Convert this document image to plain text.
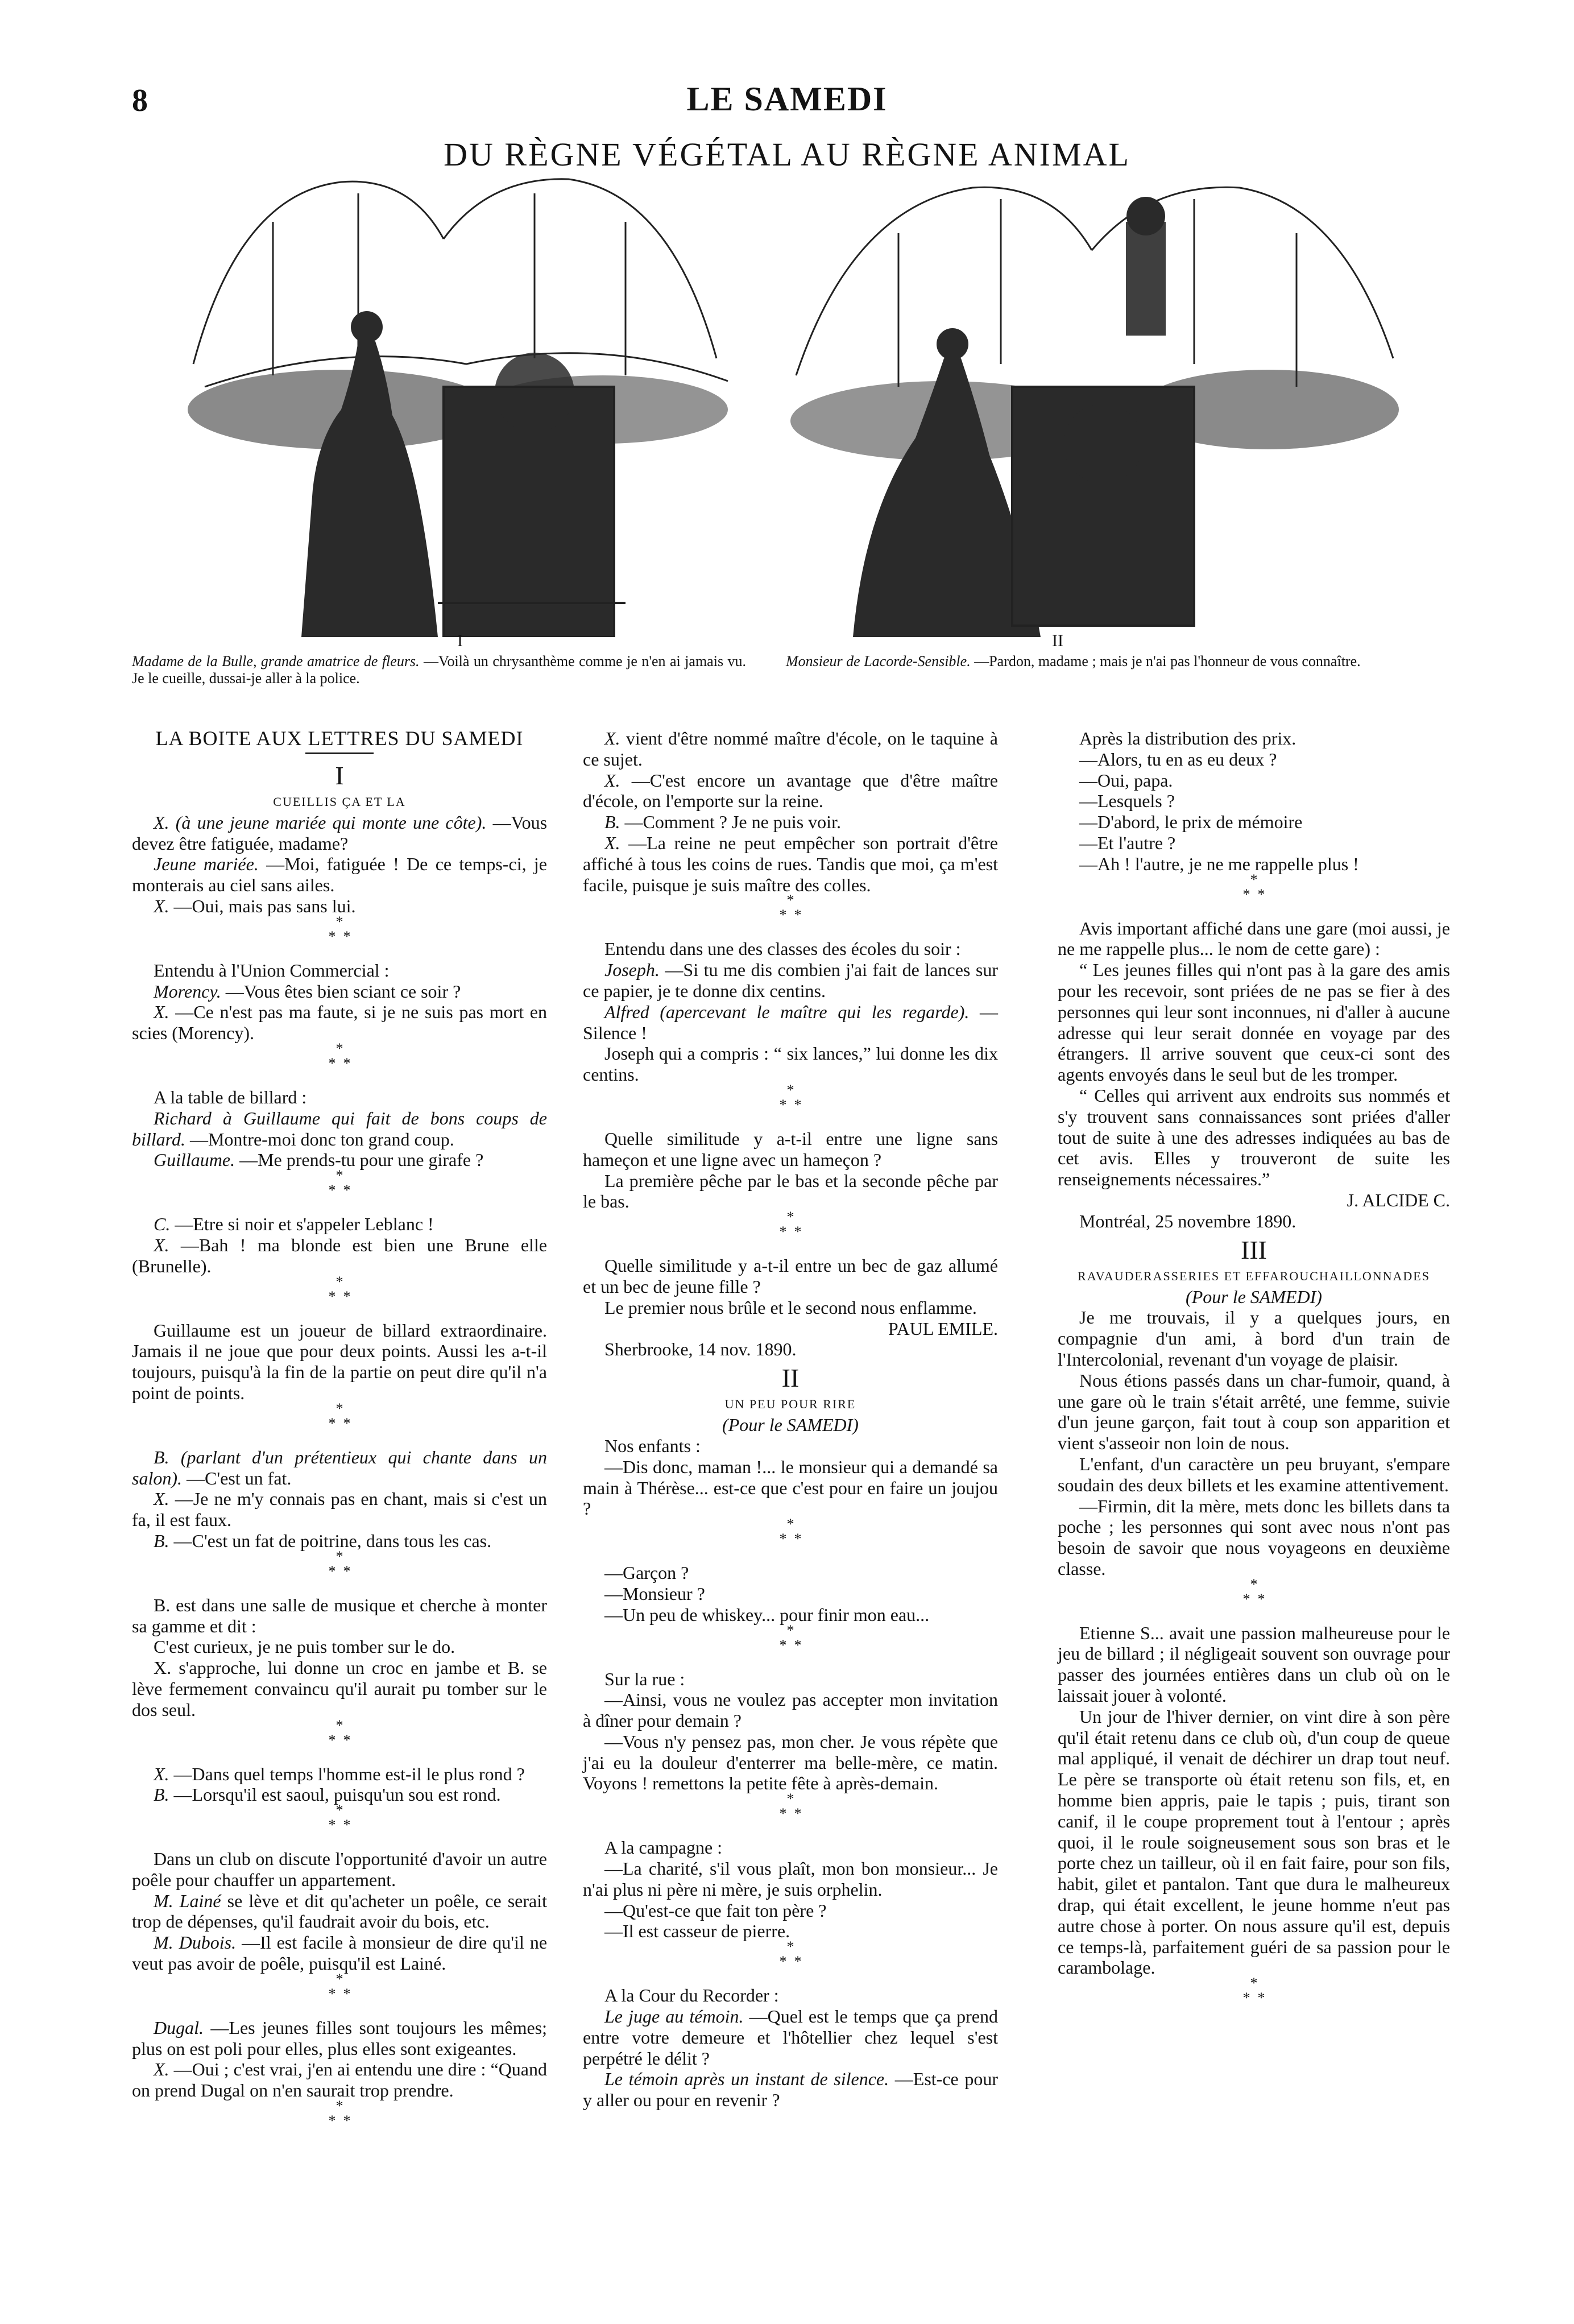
8	LE SAMEDI
DU RÈGNE VÉGÉTAL AU RÈGNE ANIMAL
I
Madame de la Bulle, grande amatrice de fleurs. —Voilà un chrysanthème comme je n'en ai jamais vu. Je le cueille, dussai-je aller à la police.
II
Monsieur de Lacorde-Sensible. —Pardon, madame ; mais je n'ai pas l'honneur de vous connaître.

LA BOITE AUX LETTRES DU SAMEDI

I

CUEILLIS ÇA ET LA

X. (à une jeune mariée qui monte une côte). —Vous devez être fatiguée, madame?

Jeune mariée. —Moi, fatiguée ! De ce temps-ci, je monterais au ciel sans ailes.

X. —Oui, mais pas sans lui.

*
*  *

Entendu à l'Union Commercial :

Morency. —Vous êtes bien sciant ce soir ?

X. —Ce n'est pas ma faute, si je ne suis pas mort en scies (Morency).

*
*  *

A la table de billard :

Richard à Guillaume qui fait de bons coups de billard. —Montre-moi donc ton grand coup.

Guillaume. —Me prends-tu pour une girafe ?

*
*  *

C. —Etre si noir et s'appeler Leblanc !

X. —Bah ! ma blonde est bien une Brune elle (Brunelle).

*
*  *

Guillaume est un joueur de billard extraordinaire. Jamais il ne joue que pour deux points. Aussi les a-t-il toujours, puisqu'à la fin de la partie on peut dire qu'il n'a point de points.

*
*  *

B. (parlant d'un prétentieux qui chante dans un salon). —C'est un fat.

X. —Je ne m'y connais pas en chant, mais si c'est un fa, il est faux.

B. —C'est un fat de poitrine, dans tous les cas.

*
*  *

B. est dans une salle de musique et cherche à monter sa gamme et dit :

C'est curieux, je ne puis tomber sur le do.

X. s'approche, lui donne un croc en jambe et B. se lève fermement convaincu qu'il aurait pu tomber sur le dos seul.

*
*  *

X. —Dans quel temps l'homme est-il le plus rond ?

B. —Lorsqu'il est saoul, puisqu'un sou est rond.

*
*  *

Dans un club on discute l'opportunité d'avoir un autre poêle pour chauffer un appartement.

M. Lainé se lève et dit qu'acheter un poêle, ce serait trop de dépenses, qu'il faudrait avoir du bois, etc.

M. Dubois. —Il est facile à monsieur de dire qu'il ne veut pas avoir de poêle, puisqu'il est Lainé.

*
*  *

Dugal. —Les jeunes filles sont toujours les mêmes; plus on est poli pour elles, plus elles sont exigeantes.

X. —Oui ; c'est vrai, j'en ai entendu une dire : “Quand on prend Dugal on n'en saurait trop prendre.

*
*  *

X. vient d'être nommé maître d'école, on le taquine à ce sujet.

X. —C'est encore un avantage que d'être maître d'école, on l'emporte sur la reine.

B. —Comment ? Je ne puis voir.

X. —La reine ne peut empêcher son portrait d'être affiché à tous les coins de rues. Tandis que moi, ça m'est facile, puisque je suis maître des colles.

*
*  *

Entendu dans une des classes des écoles du soir :

Joseph. —Si tu me dis combien j'ai fait de lances sur ce papier, je te donne dix centins.

Alfred (apercevant le maître qui les regarde). —Silence !

Joseph qui a compris : “ six lances,” lui donne les dix centins.

*
*  *

Quelle similitude y a-t-il entre une ligne sans hameçon et une ligne avec un hameçon ?

La première pêche par le bas et la seconde pêche par le bas.

*
*  *

Quelle similitude y a-t-il entre un bec de gaz allumé et un bec de jeune fille ?

Le premier nous brûle et le second nous enflamme.

PAUL EMILE.

Sherbrooke, 14 nov. 1890.

II

UN PEU POUR RIRE

(Pour le SAMEDI)

Nos enfants :

—Dis donc, maman !... le monsieur qui a demandé sa main à Thérèse... est-ce que c'est pour en faire un joujou ?

*
*  *

—Garçon ?

—Monsieur ?

—Un peu de whiskey... pour finir mon eau...

*
*  *

Sur la rue :

—Ainsi, vous ne voulez pas accepter mon invitation à dîner pour demain ?

—Vous n'y pensez pas, mon cher. Je vous répète que j'ai eu la douleur d'enterrer ma belle-mère, ce matin. Voyons ! remettons la petite fête à après-demain.

*
*  *

A la campagne :

—La charité, s'il vous plaît, mon bon monsieur... Je n'ai plus ni père ni mère, je suis orphelin.

—Qu'est-ce que fait ton père ?

—Il est casseur de pierre.

*
*  *

A la Cour du Recorder :

Le juge au témoin. —Quel est le temps que ça prend entre votre demeure et l'hôtellier chez lequel s'est perpétré le délit ?

Le témoin après un instant de silence. —Est-ce pour y aller ou pour en revenir ?

Après la distribution des prix.

—Alors, tu en as eu deux ?

—Oui, papa.

—Lesquels ?

—D'abord, le prix de mémoire

—Et l'autre ?

—Ah ! l'autre, je ne me rappelle plus !

*
*  *

Avis important affiché dans une gare (moi aussi, je ne me rappelle plus... le nom de cette gare) :

“ Les jeunes filles qui n'ont pas à la gare des amis pour les recevoir, sont priées de ne pas se fier à des personnes qui leur sont inconnues, ni d'aller à aucune adresse qui leur serait donnée en voyage par des étrangers. Il arrive souvent que ceux-ci sont des agents envoyés dans le seul but de les tromper.

“ Celles qui arrivent aux endroits sus nommés et s'y trouvent sans connaissances sont priées d'aller tout de suite à une des adresses indiquées au bas de cet avis. Elles y trouveront de suite les renseignements nécessaires.”

J. ALCIDE C.

Montréal, 25 novembre 1890.

III

RAVAUDERASSERIES ET EFFAROUCHAILLONNADES

(Pour le SAMEDI)

Je me trouvais, il y a quelques jours, en compagnie d'un ami, à bord d'un train de l'Intercolonial, revenant d'un voyage de plaisir.

Nous étions passés dans un char-fumoir, quand, à une gare où le train s'était arrêté, une femme, suivie d'un jeune garçon, fait tout à coup son apparition et vient s'asseoir non loin de nous.

L'enfant, d'un caractère un peu bruyant, s'empare soudain des deux billets et les examine attentivement.

—Firmin, dit la mère, mets donc les billets dans ta poche ; les personnes qui sont avec nous n'ont pas besoin de savoir que nous voyageons en deuxième classe.

*
*  *

Etienne S... avait une passion malheureuse pour le jeu de billard ; il négligeait souvent son ouvrage pour passer des journées entières dans un club où on le laissait jouer à volonté.

Un jour de l'hiver dernier, on vint dire à son père qu'il était retenu dans ce club où, d'un coup de queue mal appliqué, il venait de déchirer un drap tout neuf. Le père se transporte où était retenu son fils, et, en homme bien appris, paie le tapis ; puis, tirant son canif, il le coupe proprement tout à l'entour ; après quoi, il le roule soigneusement sous son bras et le porte chez un tailleur, où il en fait faire, pour son fils, habit, gilet et pantalon. Tant que dura le malheureux drap, qui était excellent, le jeune homme n'eut pas autre chose à porter. On nous assure qu'il est, depuis ce temps-là, parfaitement guéri de sa passion pour le carambolage.

*
*  *
